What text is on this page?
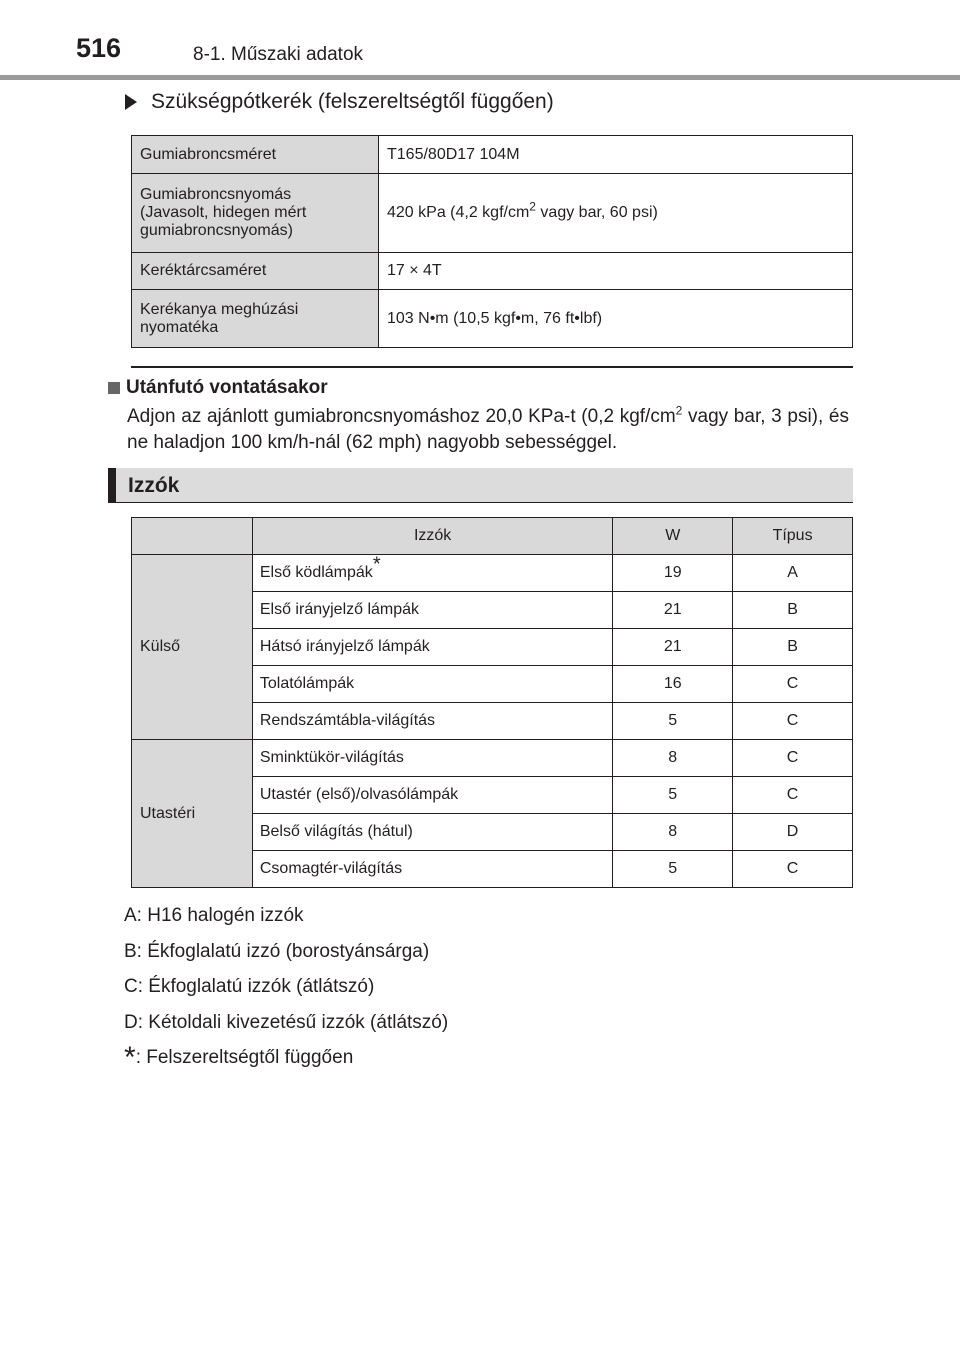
516	8-1. Műszaki adatok
Szükségpótkerék (felszereltségtől függően)
Gumiabroncsméret	T165/80D17 104M

Gumiabroncsnyomás
(Javasolt, hidegen mért
gumiabroncsnyomás)	420 kPa (4,2 kgf/$cm^2$ vagy bar, 60 psi)
Keréktárcsaméret	17 × 4T

Kerékanya meghúzási
nyomatéka	103 N•m (10,5 kgf•m, 76 ft•lbf)
Utánfutó vontatásakor
Adjon az ajánlott gumiabroncsnyomáshoz 20,0 KPa-t (0,2 kgf/$cm^2$ vagy bar, 3 psi), és ne haladjon 100 km/h-nál (62 mph) nagyobb sebességgel.
Izzók
	Izzók	W	Típus
Külső	Első ködlámpák*	19	A
	Első irányjelző lámpák	21	B
	Hátsó irányjelző lámpák	21	B
	Tolatólámpák	16	C
	Rendszámtábla-világítás	5	C
Utastéri	Sminktükör-világítás	8	C
	Utastér (első)/olvasólámpák	5	C
	Belső világítás (hátul)	8	D
	Csomagtér-világítás	5	C
A: H16 halogén izzók
B: Ékfoglalatú izzó (borostyánsárga)
C: Ékfoglalatú izzók (átlátszó)
D: Kétoldali kivezetésű izzók (átlátszó)
*: Felszereltségtől függően
